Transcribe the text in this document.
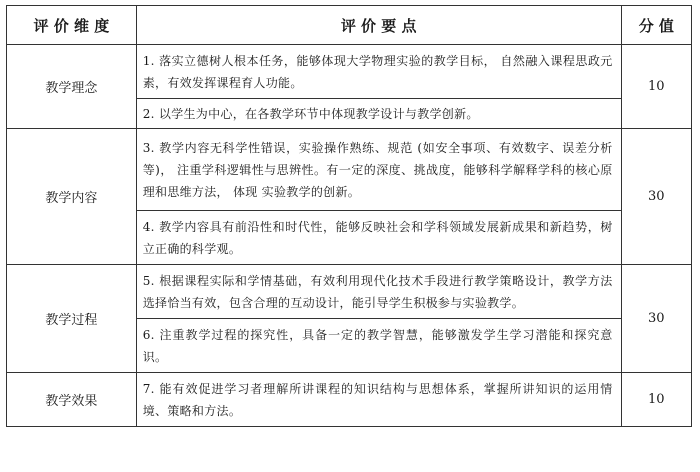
评 价 维 度	评 价 要 点	分 值
教学理念	1. 落实立德树人根本任务，能够体现大学物理实验的教学目标， 自然融入课程思政元素，有效发挥课程育人功能。	10
	2. 以学生为中心，在各教学环节中体现教学设计与教学创新。	
教学内容	3. 教学内容无科学性错误，实验操作熟练、规范 (如安全事项、有效数字、误差分析等)， 注重学科逻辑性与思辨性。有一定的深度、挑战度，能够科学解释学科的核心原理和思维方法， 体现 实验教学的创新。	30
	4. 教学内容具有前沿性和时代性，能够反映社会和学科领域发展新成果和新趋势，树立正确的科学观。	
教学过程	5. 根据课程实际和学情基础，有效利用现代化技术手段进行教学策略设计，教学方法选择恰当有效，包含合理的互动设计，能引导学生积极参与实验教学。	30
	6. 注重教学过程的探究性，具备一定的教学智慧，能够激发学生学习潜能和探究意识。	
教学效果	7. 能有效促进学习者理解所讲课程的知识结构与思想体系，掌握所讲知识的运用情境、策略和方法。	10
